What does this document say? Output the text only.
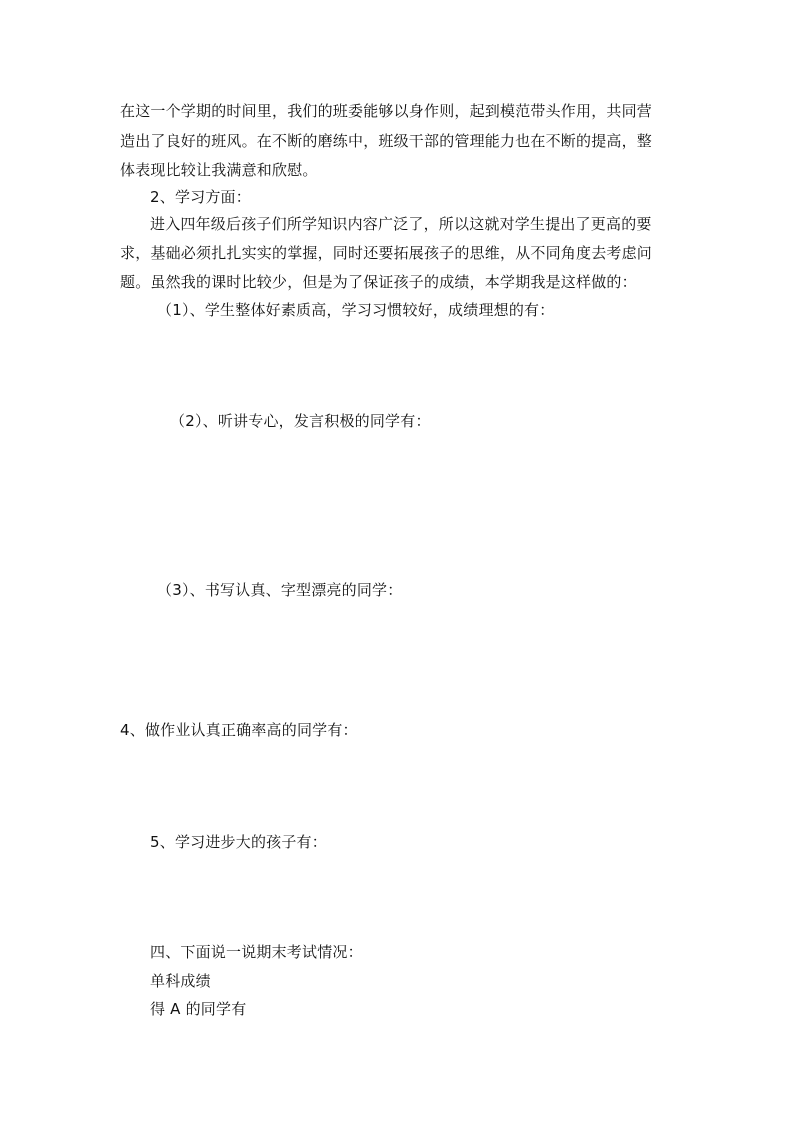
在这一个学期的时间里，我们的班委能够以身作则，起到模范带头作用，共同营
造出了良好的班风。在不断的磨练中，班级干部的管理能力也在不断的提高，整
体表现比较让我满意和欣慰。
2、学习方面：
进入四年级后孩子们所学知识内容广泛了，所以这就对学生提出了更高的要
求，基础必须扎扎实实的掌握，同时还要拓展孩子的思维，从不同角度去考虑问
题。虽然我的课时比较少，但是为了保证孩子的成绩，本学期我是这样做的：
（1）、学生整体好素质高，学习习惯较好，成绩理想的有：
（2）、听讲专心，发言积极的同学有：
（3）、书写认真、字型漂亮的同学：
4、做作业认真正确率高的同学有：
5、学习进步大的孩子有：
四、下面说一说期末考试情况：
单科成绩
得 A 的同学有
